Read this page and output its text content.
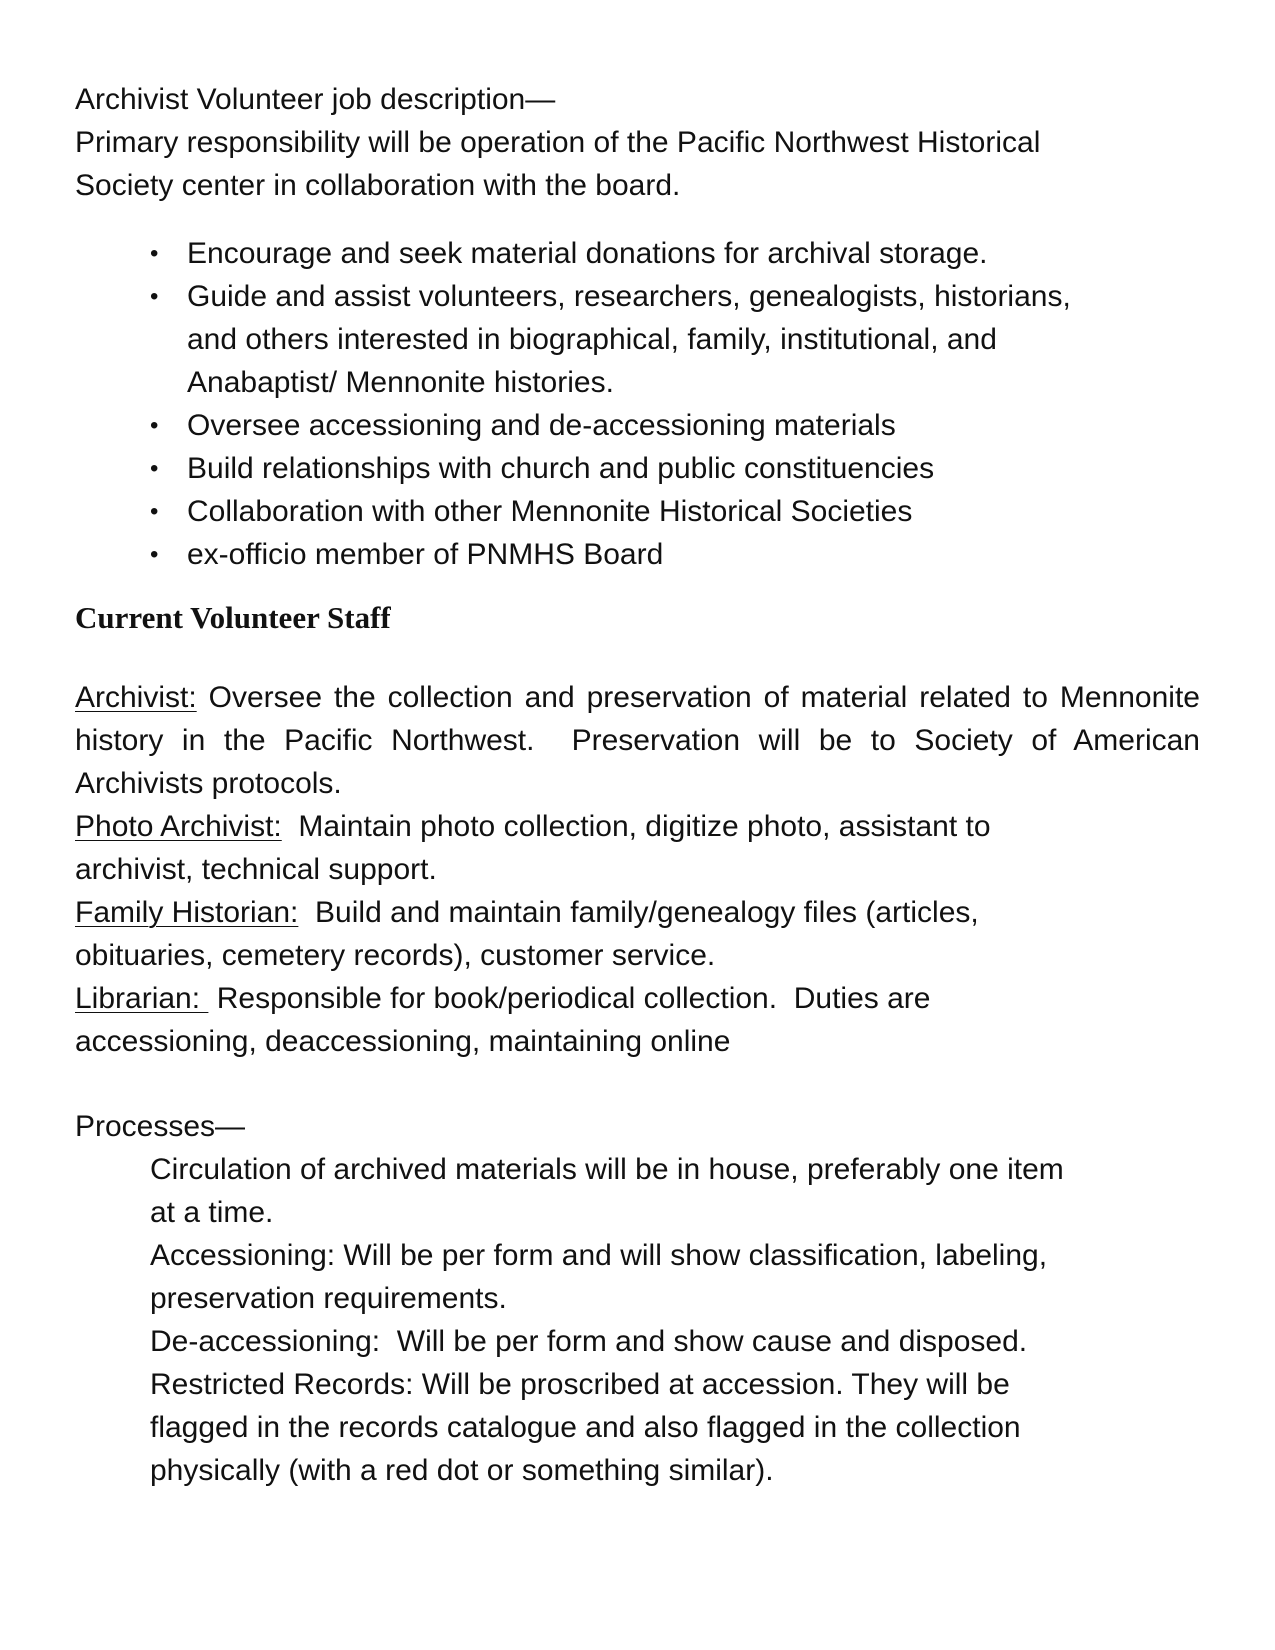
Archivist Volunteer job description—
Primary responsibility will be operation of the Pacific Northwest Historical
Society center in collaboration with the board.
• Encourage and seek material donations for archival storage.
• Guide and assist volunteers, researchers, genealogists, historians,
and others interested in biographical, family, institutional, and
Anabaptist/ Mennonite histories.
• Oversee accessioning and de-accessioning materials
• Build relationships with church and public constituencies
• Collaboration with other Mennonite Historical Societies
• ex-officio member of PNMHS Board
Current Volunteer Staff

Archivist: Oversee the collection and preservation of material related to Mennonite history in the Pacific Northwest.  Preservation will be to Society of American Archivists protocols.

Photo Archivist:  Maintain photo collection, digitize photo, assistant to

archivist, technical support.

Family Historian:  Build and maintain family/genealogy files (articles,

obituaries, cemetery records), customer service.

Librarian:  Responsible for book/periodical collection.  Duties are

accessioning, deaccessioning, maintaining online

Processes—

Circulation of archived materials will be in house, preferably one item

at a time.

Accessioning: Will be per form and will show classification, labeling,

preservation requirements.

De-accessioning:  Will be per form and show cause and disposed.

Restricted Records: Will be proscribed at accession. They will be

flagged in the records catalogue and also flagged in the collection

physically (with a red dot or something similar).
